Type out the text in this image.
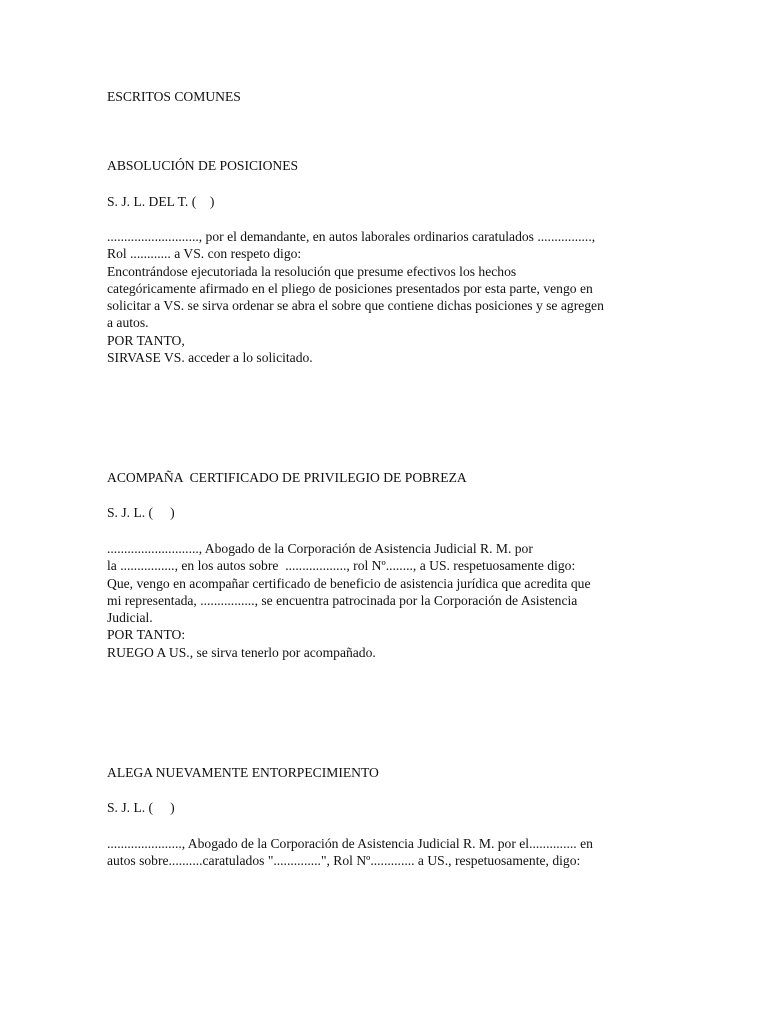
ESCRITOS COMUNES
ABSOLUCIÓN DE POSICIONES
S. J. L. DEL T. (    )
..........................., por el demandante, en autos laborales ordinarios caratulados ................,
Rol ............ a VS. con respeto digo:
Encontrándose ejecutoriada la resolución que presume efectivos los hechos
categóricamente afirmado en el pliego de posiciones presentados por esta parte, vengo en
solicitar a VS. se sirva ordenar se abra el sobre que contiene dichas posiciones y se agregen
a autos.
POR TANTO,
SIRVASE VS. acceder a lo solicitado.
ACOMPAÑA  CERTIFICADO DE PRIVILEGIO DE POBREZA
S. J. L. (     )
..........................., Abogado de la Corporación de Asistencia Judicial R. M. por
la ................, en los autos sobre  .................., rol Nº........, a US. respetuosamente digo:
Que, vengo en acompañar certificado de beneficio de asistencia jurídica que acredita que
mi representada, ................, se encuentra patrocinada por la Corporación de Asistencia
Judicial.
POR TANTO:
RUEGO A US., se sirva tenerlo por acompañado.
ALEGA NUEVAMENTE ENTORPECIMIENTO
S. J. L. (     )
......................, Abogado de la Corporación de Asistencia Judicial R. M. por el.............. en
autos sobre..........caratulados "..............", Rol Nº............. a US., respetuosamente, digo:
